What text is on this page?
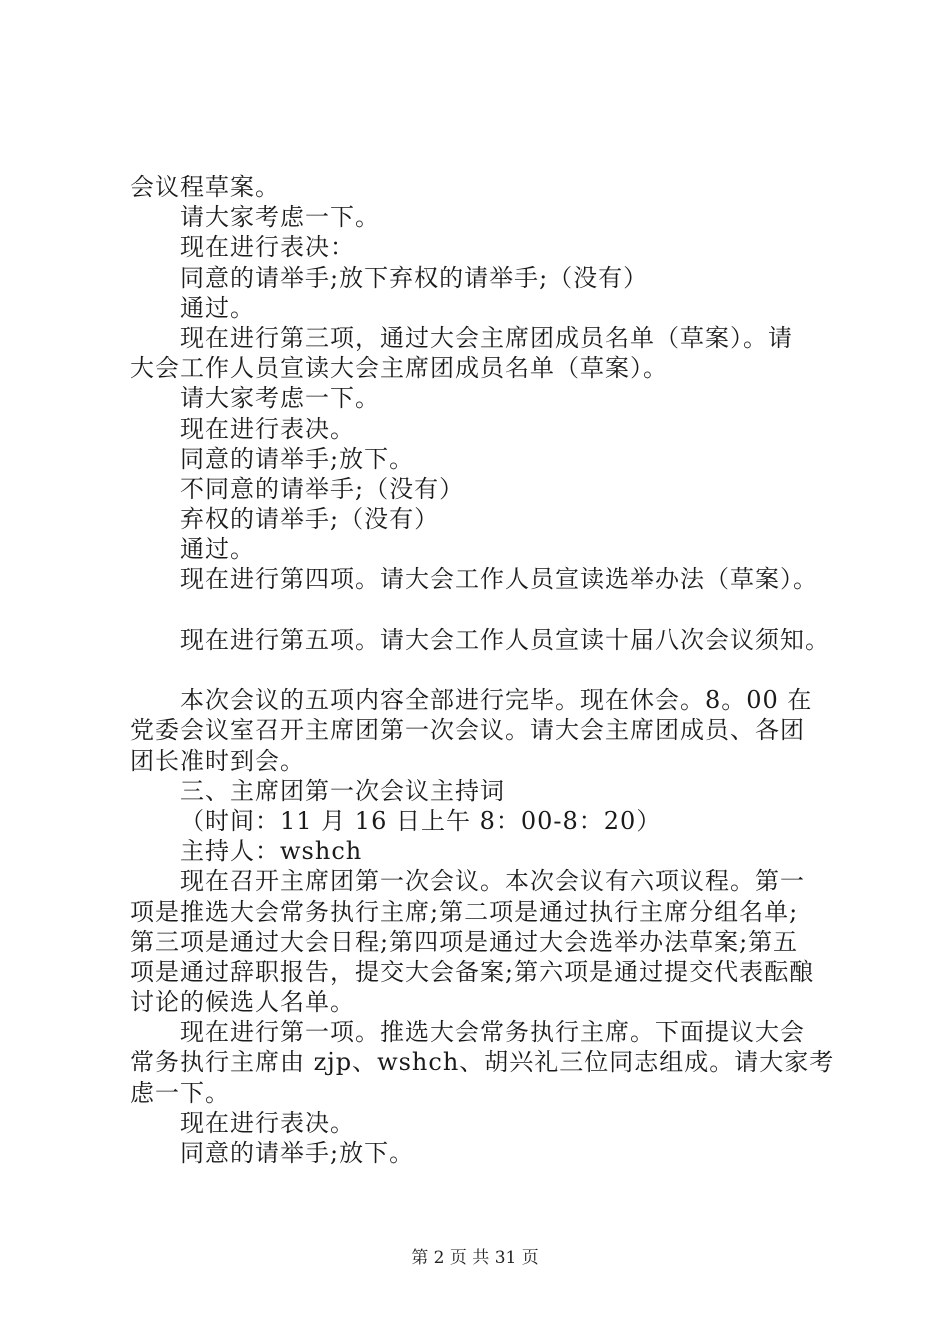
会议程草案。
请大家考虑一下。
现在进行表决：
同意的请举手;放下弃权的请举手;（没有）
通过。
现在进行第三项，通过大会主席团成员名单（草案）。请
大会工作人员宣读大会主席团成员名单（草案）。
请大家考虑一下。
现在进行表决。
同意的请举手;放下。
不同意的请举手;（没有）
弃权的请举手;（没有）
通过。
现在进行第四项。请大会工作人员宣读选举办法（草案）。
现在进行第五项。请大会工作人员宣读十届八次会议须知。
本次会议的五项内容全部进行完毕。现在休会。8。00 在
党委会议室召开主席团第一次会议。请大会主席团成员、各团
团长准时到会。
三、主席团第一次会议主持词
（时间：11 月 16 日上午 8：00-8：20）
主持人：wshch
现在召开主席团第一次会议。本次会议有六项议程。第一
项是推选大会常务执行主席;第二项是通过执行主席分组名单;
第三项是通过大会日程;第四项是通过大会选举办法草案;第五
项是通过辞职报告，提交大会备案;第六项是通过提交代表酝酿
讨论的候选人名单。
现在进行第一项。推选大会常务执行主席。下面提议大会
常务执行主席由 zjp、wshch、胡兴礼三位同志组成。请大家考
虑一下。
现在进行表决。
同意的请举手;放下。
第 2 页 共 31 页
